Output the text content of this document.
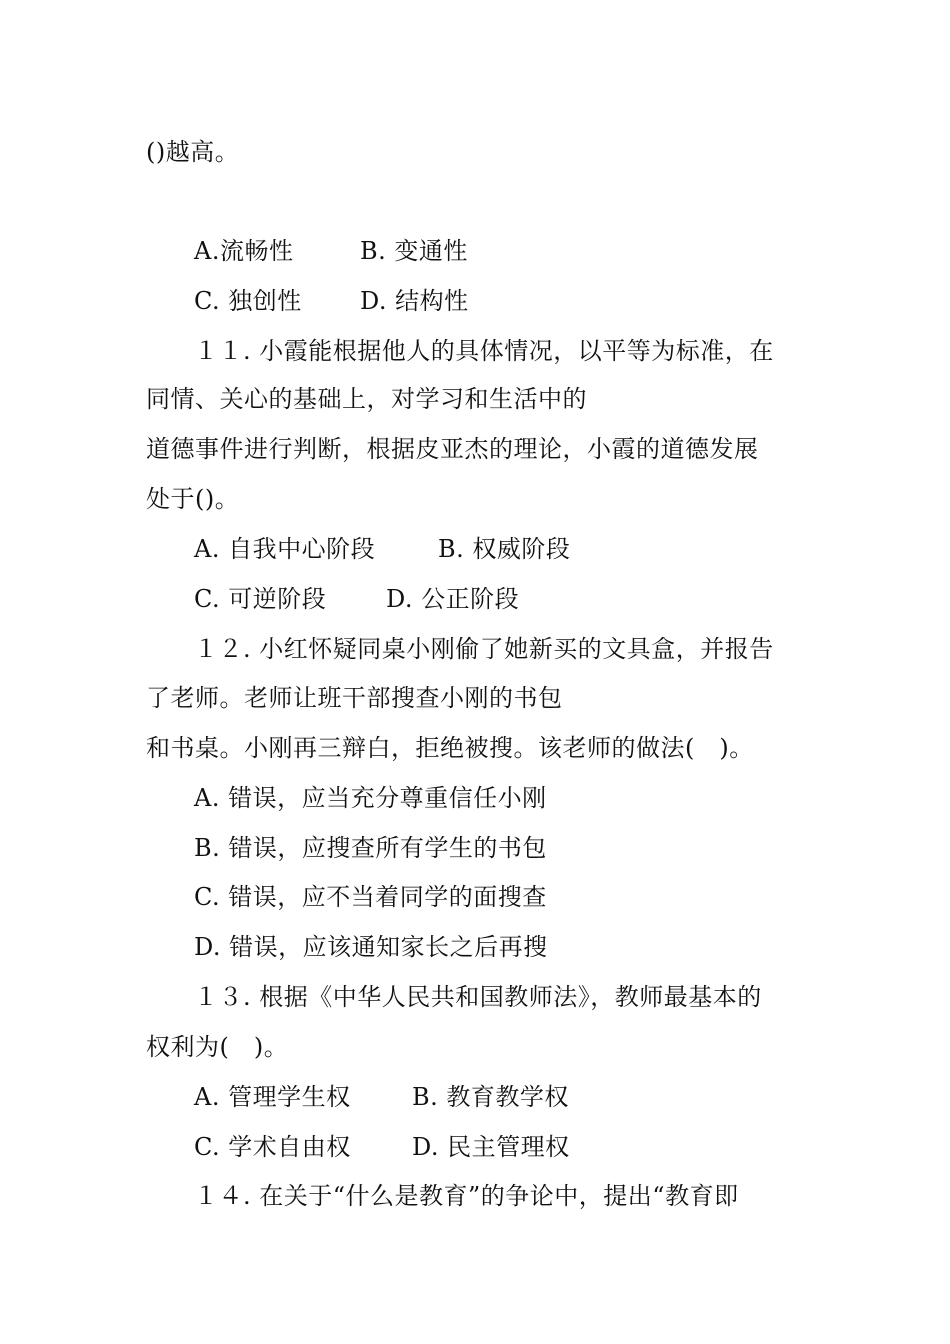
()越高。
A.流畅性	B. 变通性
C. 独创性 D. 结构性
１１. 小霞能根据他人的具体情况，以平等为标准，在
同情、关心的基础上，对学习和生活中的
道德事件进行判断，根据皮亚杰的理论，小霞的道德发展
处于()。
A. 自我中心阶段	B. 权威阶段
C. 可逆阶段 D. 公正阶段
１２. 小红怀疑同桌小刚偷了她新买的文具盒，并报告
了老师。老师让班干部搜查小刚的书包
和书桌。小刚再三辩白，拒绝被搜。该老师的做法(　)。
A. 错误，应当充分尊重信任小刚
B. 错误，应搜查所有学生的书包
C. 错误，应不当着同学的面搜查
D. 错误，应该通知家长之后再搜
１３. 根据《中华人民共和国教师法》，教师最基本的
权利为(　)。
A. 管理学生权	B. 教育教学权
C. 学术自由权	D. 民主管理权
１４. 在关于“什么是教育”的争论中，提出“教育即
